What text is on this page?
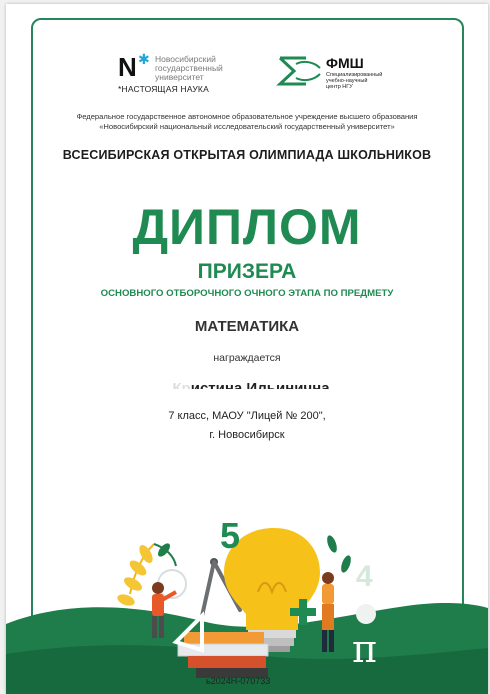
N ✱ Новосибирский
государственный
университет
*НАСТОЯЩАЯ НАУКА
ФМШ
Специализированный
учебно-научный
центр НГУ
Федеральное государственное автономное образовательное учреждение высшего образования
«Новосибирский национальный исследовательский государственный университет»
ВСЕСИБИРСКАЯ ОТКРЫТАЯ ОЛИМПИАДА ШКОЛЬНИКОВ
ДИПЛОМ
ПРИЗЕРА
ОСНОВНОГО ОТБОРОЧНОГО ОЧНОГО ЭТАПА ПО ПРЕДМЕТУ
МАТЕМАТИКА
награждается
7 класс, МАОУ "Лицей № 200",
г. Новосибирск
5
4
π
ь2024Н-070733
